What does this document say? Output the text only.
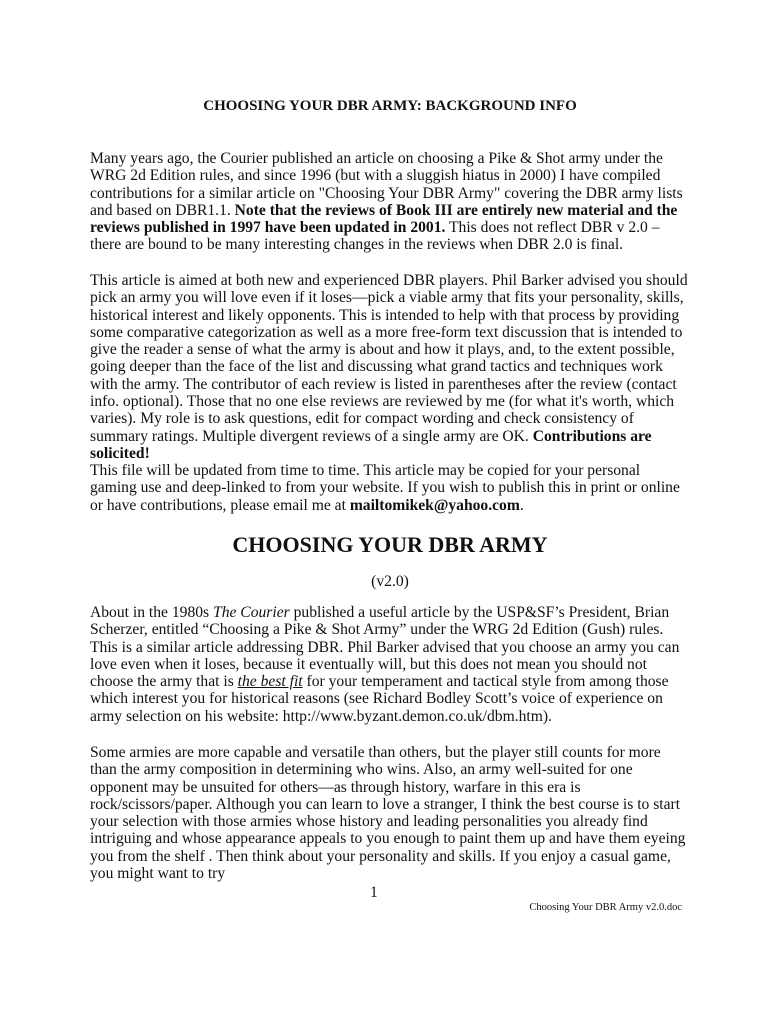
CHOOSING YOUR DBR ARMY: BACKGROUND INFO

Many years ago, the Courier published an article on choosing a Pike & Shot army under the WRG 2d Edition rules, and since 1996 (but with a sluggish hiatus in 2000) I have compiled contributions for a similar article on "Choosing Your DBR Army" covering the DBR army lists and based on DBR1.1. Note that the reviews of Book III are entirely new material and the reviews published in 1997 have been updated in 2001. This does not reflect DBR v 2.0 – there are bound to be many interesting changes in the reviews when DBR 2.0 is final.

This article is aimed at both new and experienced DBR players. Phil Barker advised you should pick an army you will love even if it loses—pick a viable army that fits your personality, skills, historical interest and likely opponents. This is intended to help with that process by providing some comparative categorization as well as a more free-form text discussion that is intended to give the reader a sense of what the army is about and how it plays, and, to the extent possible, going deeper than the face of the list and discussing what grand tactics and techniques work with the army. The contributor of each review is listed in parentheses after the review (contact info. optional). Those that no one else reviews are reviewed by me (for what it's worth, which varies). My role is to ask questions, edit for compact wording and check consistency of summary ratings. Multiple divergent reviews of a single army are OK. Contributions are solicited!

This file will be updated from time to time. This article may be copied for your personal gaming use and deep-linked to from your website. If you wish to publish this in print or online or have contributions, please email me at mailtomikek@yahoo.com.

CHOOSING YOUR DBR ARMY
(v2.0)

About in the 1980s The Courier published a useful article by the USP&SF’s President, Brian Scherzer, entitled “Choosing a Pike & Shot Army” under the WRG 2d Edition (Gush) rules. This is a similar article addressing DBR. Phil Barker advised that you choose an army you can love even when it loses, because it eventually will, but this does not mean you should not choose the army that is the best fit for your temperament and tactical style from among those which interest you for historical reasons (see Richard Bodley Scott’s voice of experience on army selection on his website: http://www.byzant.demon.co.uk/dbm.htm).

Some armies are more capable and versatile than others, but the player still counts for more than the army composition in determining who wins. Also, an army well-suited for one opponent may be unsuited for others—as through history, warfare in this era is rock/scissors/paper. Although you can learn to love a stranger, I think the best course is to start your selection with those armies whose history and leading personalities you already find intriguing and whose appearance appeals to you enough to paint them up and have them eyeing you from the shelf . Then think about your personality and skills. If you enjoy a casual game, you might want to try

1
Choosing Your DBR Army v2.0.doc
